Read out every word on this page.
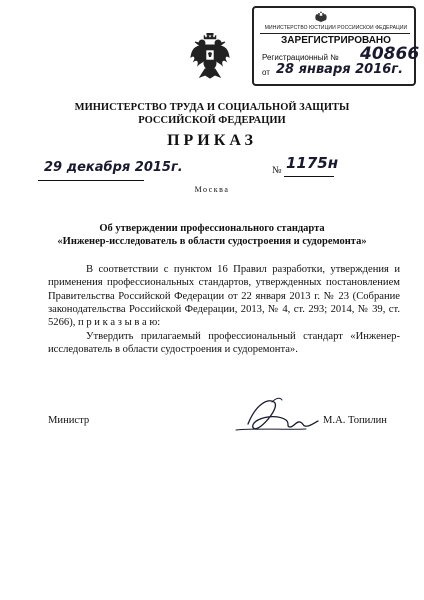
МИНИСТЕРСТВО ЮСТИЦИИ РОССИЙСКОЙ ФЕДЕРАЦИИ
ЗАРЕГИСТРИРОВАНО
Регистрационный № 40866
от 28 января 2016г.
МИНИСТЕРСТВО ТРУДА И СОЦИАЛЬНОЙ ЗАЩИТЫ
РОССИЙСКОЙ ФЕДЕРАЦИИ
ПРИКАЗ
29 декабря 2015г.	№ 1175н
Москва
Об утверждении профессионального стандарта
«Инженер-исследователь в области судостроения и судоремонта»
В соответствии с пунктом 16 Правил разработки, утверждения и применения профессиональных стандартов, утвержденных постановлением Правительства Российской Федерации от 22 января 2013 г. № 23 (Собрание законодательства Российской Федерации, 2013, № 4, ст. 293; 2014, № 39, ст. 5266), п р и к а з ы в а ю:
Утвердить прилагаемый профессиональный стандарт «Инженер-исследователь в области судостроения и судоремонта».
Министр	М.А. Топилин
